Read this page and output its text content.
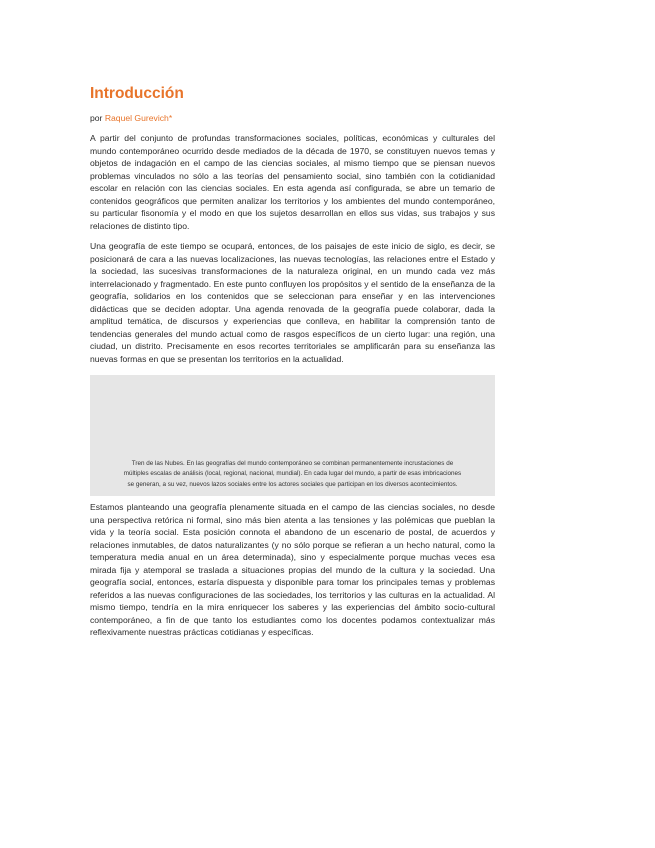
Introducción
por Raquel Gurevich*

A partir del conjunto de profundas transformaciones sociales, políticas, económicas y culturales del mundo contemporáneo ocurrido desde mediados de la década de 1970, se constituyen nuevos temas y objetos de indagación en el campo de las ciencias sociales, al mismo tiempo que se piensan nuevos problemas vinculados no sólo a las teorías del pensamiento social, sino también con la cotidianidad escolar en relación con las ciencias sociales. En esta agenda así configurada, se abre un temario de contenidos geográficos que permiten analizar los territorios y los ambientes del mundo contemporáneo, su particular fisonomía y el modo en que los sujetos desarrollan en ellos sus vidas, sus trabajos y sus relaciones de distinto tipo.

Una geografía de este tiempo se ocupará, entonces, de los paisajes de este inicio de siglo, es decir, se posicionará de cara a las nuevas localizaciones, las nuevas tecnologías, las relaciones entre el Estado y la sociedad, las sucesivas transformaciones de la naturaleza original, en un mundo cada vez más interrelacionado y fragmentado. En este punto confluyen los propósitos y el sentido de la enseñanza de la geografía, solidarios en los contenidos que se seleccionan para enseñar y en las intervenciones didácticas que se deciden adoptar. Una agenda renovada de la geografía puede colaborar, dada la amplitud temática, de discursos y experiencias que conlleva, en habilitar la comprensión tanto de tendencias generales del mundo actual como de rasgos específicos de un cierto lugar: una región, una ciudad, un distrito. Precisamente en esos recortes territoriales se amplificarán para su enseñanza las nuevas formas en que se presentan los territorios en la actualidad.

Tren de las Nubes. En las geografías del mundo contemporáneo se combinan permanentemente incrustaciones de múltiples escalas de análisis (local, regional, nacional, mundial). En cada lugar del mundo, a partir de esas imbricaciones se generan, a su vez, nuevos lazos sociales entre los actores sociales que participan en los diversos acontecimientos.

Estamos planteando una geografía plenamente situada en el campo de las ciencias sociales, no desde una perspectiva retórica ni formal, sino más bien atenta a las tensiones y las polémicas que pueblan la vida y la teoría social. Esta posición connota el abandono de un escenario de postal, de acuerdos y relaciones inmutables, de datos naturalizantes (y no sólo porque se refieran a un hecho natural, como la temperatura media anual en un área determinada), sino y especialmente porque muchas veces esa mirada fija y atemporal se traslada a situaciones propias del mundo de la cultura y la sociedad. Una geografía social, entonces, estaría dispuesta y disponible para tomar los principales temas y problemas referidos a las nuevas configuraciones de las sociedades, los territorios y las culturas en la actualidad. Al mismo tiempo, tendría en la mira enriquecer los saberes y las experiencias del ámbito socio-cultural contemporáneo, a fin de que tanto los estudiantes como los docentes podamos contextualizar más reflexivamente nuestras prácticas cotidianas y específicas.
